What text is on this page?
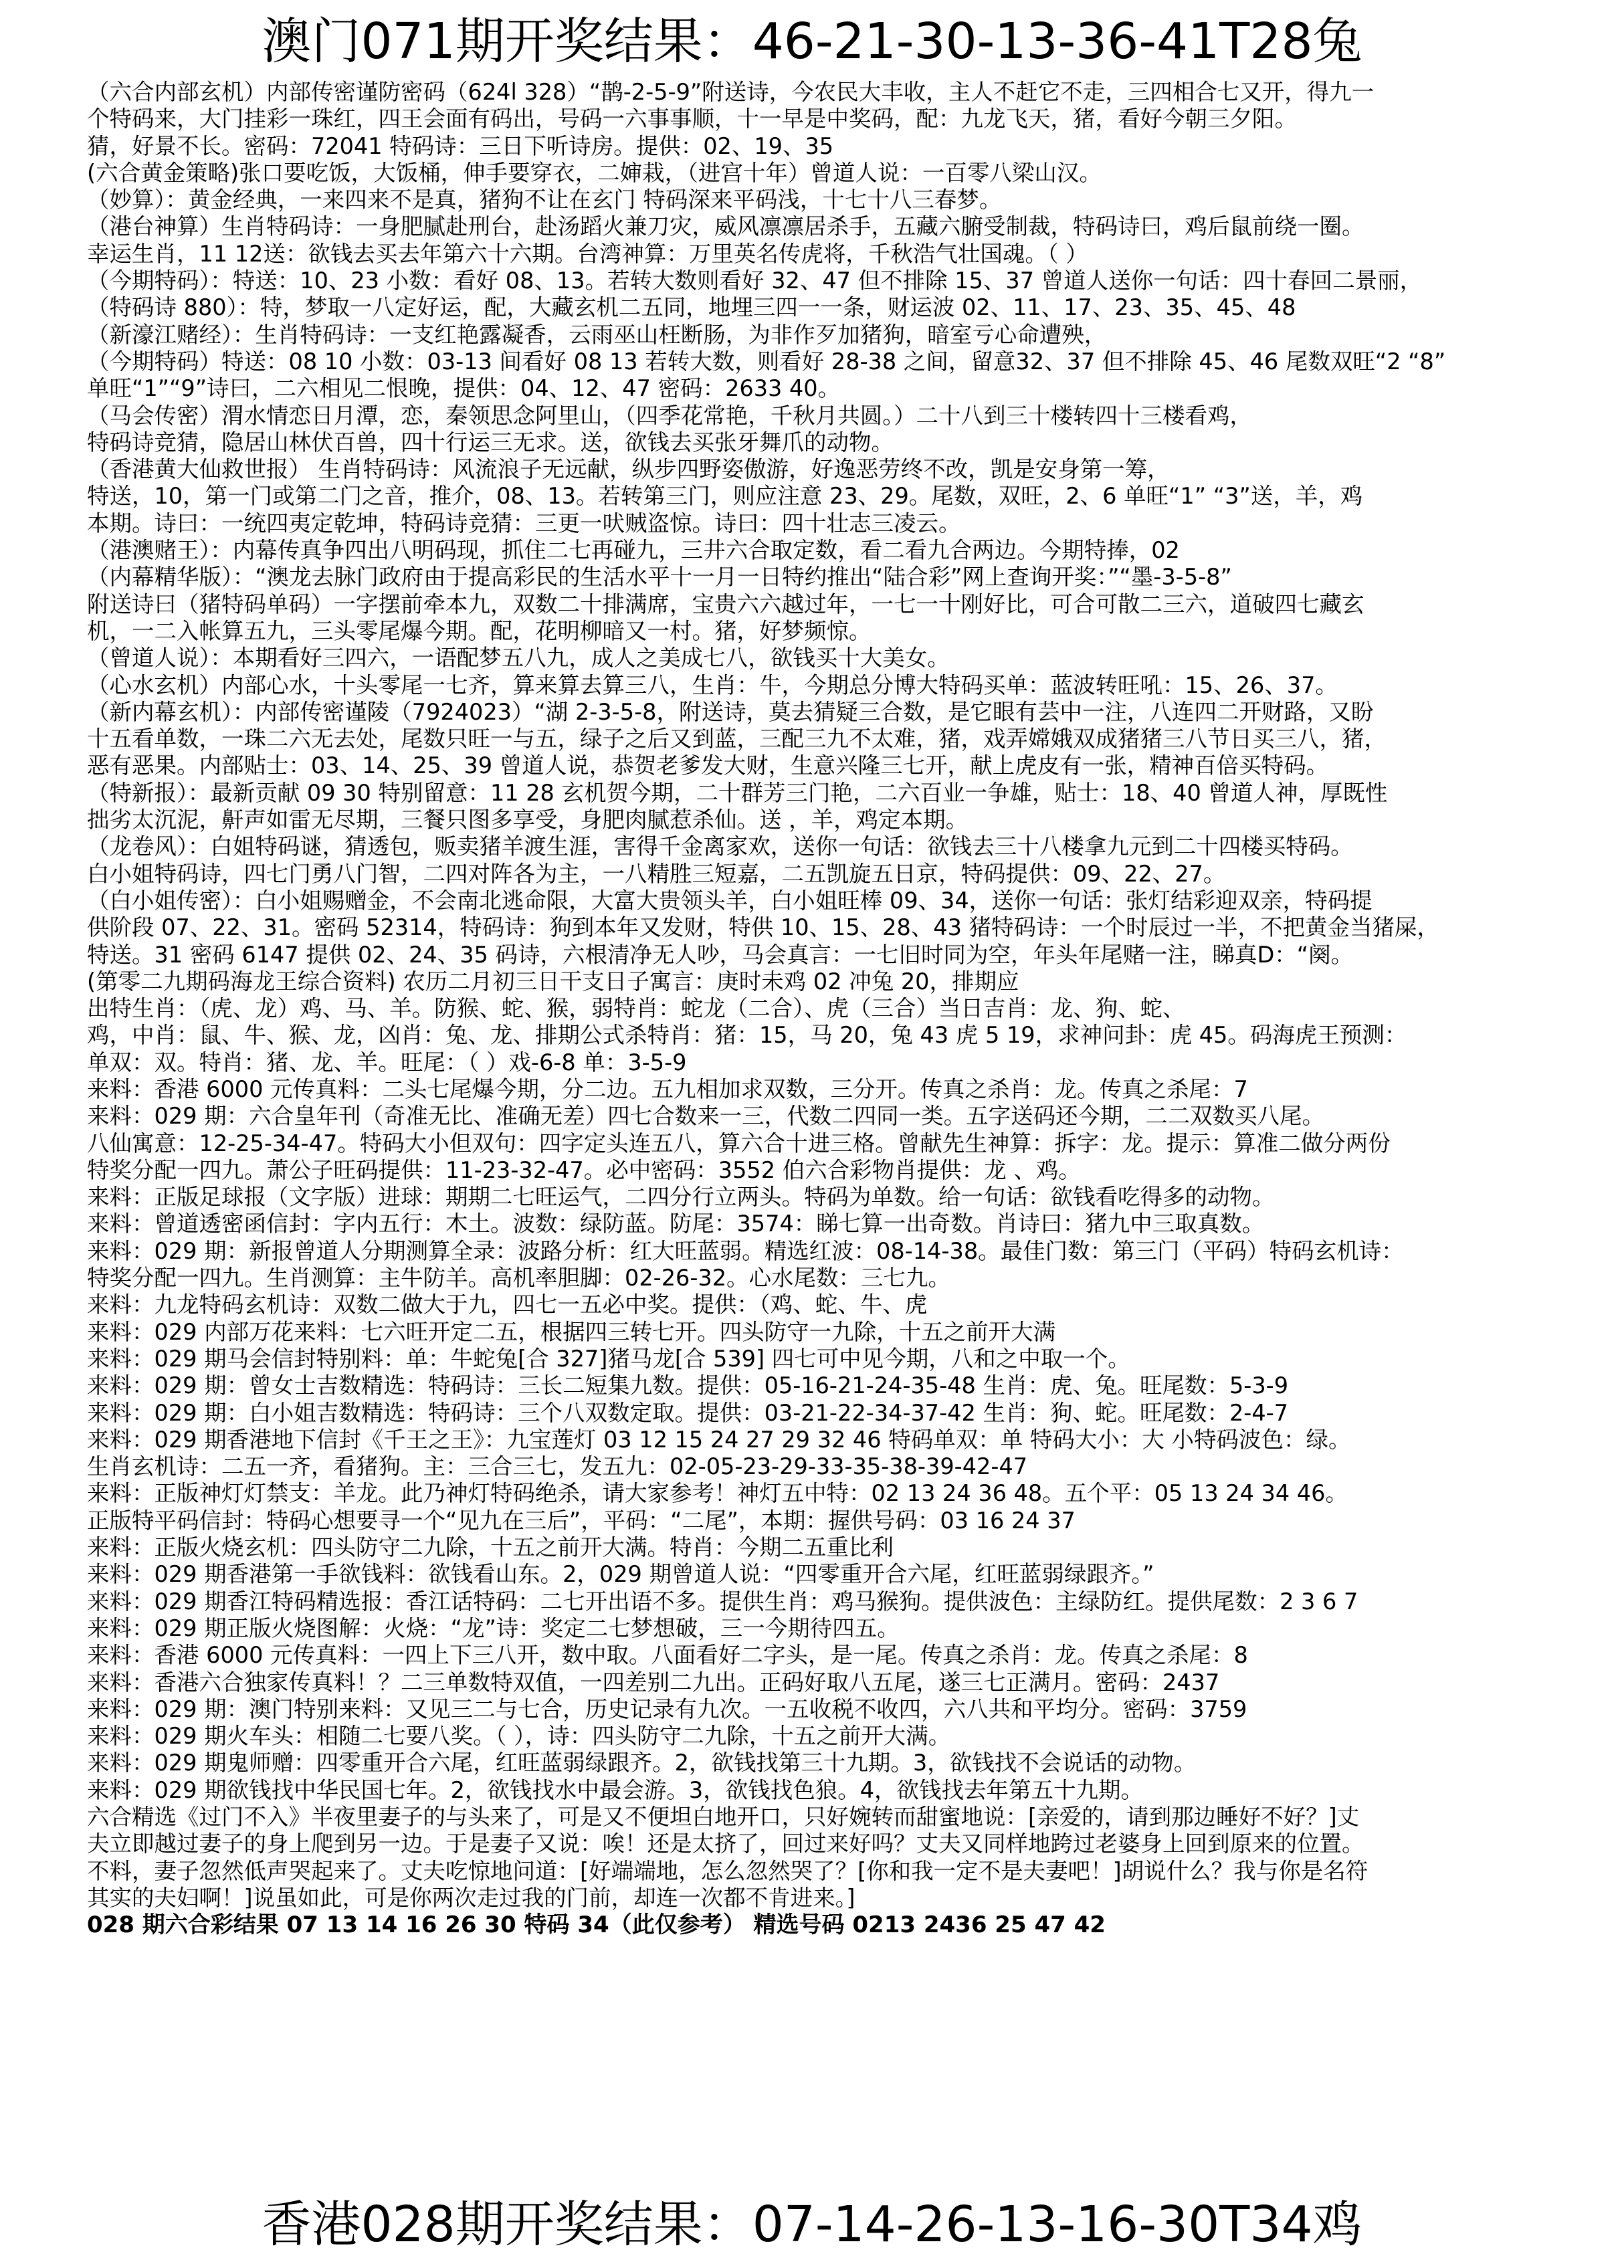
澳门071期开奖结果：46-21-30-13-36-41T28兔
（六合内部玄机）内部传密谨防密码（624l 328）“鹊-2-5-9”附送诗，今农民大丰收，主人不赶它不走，三四相合七又开，得九一
个特码来，大门挂彩一珠红，四王会面有码出，号码一六事事顺，十一早是中奖码，配：九龙飞天，猪，看好今朝三夕阳。
猜，好景不长。密码：72041 特码诗：三日下听诗房。提供：02、19、35
(六合黄金策略)张口要吃饭，大饭桶，伸手要穿衣，二婶栽，（进宫十年）曾道人说：一百零八梁山汉。
（妙算）：黄金经典，一来四来不是真，猪狗不让在玄门 特码深来平码浅，十七十八三春梦。
（港台神算）生肖特码诗：一身肥腻赴刑台，赴汤蹈火兼刀灾，威风凛凛居杀手，五藏六腑受制裁，特码诗曰，鸡后鼠前绕一圈。
幸运生肖，11 12送：欲钱去买去年第六十六期。台湾神算：万里英名传虎将，千秋浩气壮国魂。（ ）
（今期特码）：特送：10、23 小数：看好 08、13。若转大数则看好 32、47 但不排除 15、37 曾道人送你一句话：四十春回二景丽，
（特码诗 880）：特，梦取一八定好运，配，大藏玄机二五同，地埋三四一一条，财运波 02、11、17、23、35、45、48
（新濠江赌经）：生肖特码诗：一支红艳露凝香，云雨巫山枉断肠，为非作歹加猪狗，暗室亏心命遭殃，
（今期特码）特送：08 10 小数：03-13 间看好 08 13 若转大数，则看好 28-38 之间，留意32、37 但不排除 45、46 尾数双旺“2 “8”
单旺“1”“9”诗曰，二六相见二恨晚，提供：04、12、47 密码：2633 40。
（马会传密）渭水情恋日月潭，恋，秦领思念阿里山，（四季花常艳，千秋月共圆。）二十八到三十楼转四十三楼看鸡，
特码诗竞猜，隐居山林伏百兽，四十行运三无求。送，欲钱去买张牙舞爪的动物。
（香港黄大仙救世报） 生肖特码诗：风流浪子无远献，纵步四野姿傲游，好逸恶劳终不改，凯是安身第一筹，
特送，10，第一门或第二门之音，推介，08、13。若转第三门，则应注意 23、29。尾数，双旺，2、6 单旺“1” “3”送，羊，鸡
本期。诗曰：一统四夷定乾坤，特码诗竞猜：三更一吠贼盗惊。诗曰：四十壮志三凌云。
（港澳赌王）：内幕传真争四出八明码现，抓住二七再碰九，三井六合取定数，看二看九合两边。今期特捧，02
（内幕精华版）：“澳龙去脉门政府由于提高彩民的生活水平十一月一日特约推出“陆合彩”网上查询开奖：”“墨-3-5-8”
附送诗曰（猪特码单码）一字摆前牵本九，双数二十排满席，宝贵六六越过年，一七一十刚好比，可合可散二三六，道破四七藏玄
机，一二入帐算五九，三头零尾爆今期。配，花明柳暗又一村。猪，好梦频惊。
（曾道人说）：本期看好三四六，一语配梦五八九，成人之美成七八，欲钱买十大美女。
（心水玄机）内部心水，十头零尾一七齐，算来算去算三八，生肖：牛，今期总分博大特码买单：蓝波转旺吼：15、26、37。
（新内幕玄机）：内部传密谨陵（7924023）“湖 2-3-5-8，附送诗，莫去猜疑三合数，是它眼有芸中一注，八连四二开财路，又盼
十五看单数，一珠二六无去处，尾数只旺一与五，绿子之后又到蓝，三配三九不太难，猪，戏弄嫦娥双成猪猪三八节日买三八，猪，
恶有恶果。内部贴士：03、14、25、39 曾道人说，恭贺老爹发大财，生意兴隆三七开，献上虎皮有一张，精神百倍买特码。
（特新报）：最新贡献 09 30 特别留意：11 28 玄机贺今期，二十群芳三门艳，二六百业一争雄，贴士：18、40 曾道人神，厚既性
拙劣太沉泥，鼾声如雷无尽期，三餐只图多享受，身肥肉腻惹杀仙。送 ，羊，鸡定本期。
（龙卷风）：白姐特码谜，猜透包，贩卖猪羊渡生涯，害得千金离家欢，送你一句话：欲钱去三十八楼拿九元到二十四楼买特码。
白小姐特码诗，四七门勇八门智，二四对阵各为主，一八精胜三短嘉，二五凯旋五日京，特码提供：09、22、27。
（白小姐传密）：白小姐赐赠金，不会南北逃命限，大富大贵领头羊，白小姐旺棒 09、34，送你一句话：张灯结彩迎双亲，特码提
供阶段 07、22、31。密码 52314，特码诗：狗到本年又发财，特供 10、15、28、43 猪特码诗：一个时辰过一半，不把黄金当猪屎，
特送。31 密码 6147 提供 02、24、35 码诗，六根清净无人吵，马会真言：一七旧时同为空，年头年尾赌一注，睇真D：“阕。
(第零二九期码海龙王综合资料) 农历二月初三日干支日子寓言：庚时未鸡 02 冲兔 20，排期应
出特生肖：（虎、龙）鸡、马、羊。防猴、蛇、猴，弱特肖：蛇龙（二合）、虎（三合）当日吉肖：龙、狗、蛇、
鸡，中肖：鼠、牛、猴、龙，凶肖：兔、龙、排期公式杀特肖：猪：15，马 20，兔 43 虎 5 19，求神问卦：虎 45。码海虎王预测：
单双：双。特肖：猪、龙、羊。旺尾：（ ）戏-6-8 单：3-5-9
来料：香港 6000 元传真料：二头七尾爆今期，分二边。五九相加求双数，三分开。传真之杀肖：龙。传真之杀尾：7
来料：029 期：六合皇年刊（奇准无比、准确无差）四七合数来一三，代数二四同一类。五字送码还今期，二二双数买八尾。
八仙寓意：12-25-34-47。特码大小但双句：四字定头连五八，算六合十进三格。曾献先生神算：拆字：龙。提示：算准二做分两份
特奖分配一四九。萧公子旺码提供：11-23-32-47。必中密码：3552 伯六合彩物肖提供：龙 、鸡。
来料：正版足球报（文字版）进球：期期二七旺运气，二四分行立两头。特码为单数。给一句话：欲钱看吃得多的动物。
来料：曾道透密函信封：字内五行：木土。波数：绿防蓝。防尾：3574：睇七算一出奇数。肖诗曰：猪九中三取真数。
来料：029 期：新报曾道人分期测算全录：波路分析：红大旺蓝弱。精选红波：08-14-38。最佳门数：第三门（平码）特码玄机诗：
特奖分配一四九。生肖测算：主牛防羊。高机率胆脚：02-26-32。心水尾数：三七九。
来料：九龙特码玄机诗：双数二做大于九，四七一五必中奖。提供：（鸡、蛇、牛、虎
来料：029 内部万花来料：七六旺开定二五，根据四三转七开。四头防守一九除，十五之前开大满
来料：029 期马会信封特别料：单：牛蛇兔[合 327]猪马龙[合 539] 四七可中见今期，八和之中取一个。
来料：029 期：曾女士吉数精选：特码诗：三长二短集九数。提供：05-16-21-24-35-48 生肖：虎、兔。旺尾数：5-3-9
来料：029 期：白小姐吉数精选：特码诗：三个八双数定取。提供：03-21-22-34-37-42 生肖：狗、蛇。旺尾数：2-4-7
来料：029 期香港地下信封《千王之王》：九宝莲灯 03 12 15 24 27 29 32 46 特码单双：单 特码大小：大 小特码波色：绿。
生肖玄机诗：二五一齐，看猪狗。主：三合三七，发五九：02-05-23-29-33-35-38-39-42-47
来料：正版神灯灯禁支：羊龙。此乃神灯特码绝杀，请大家参考！神灯五中特：02 13 24 36 48。五个平：05 13 24 34 46。
正版特平码信封：特码心想要寻一个“见九在三后”，平码：“二尾”，本期：握供号码：03 16 24 37
来料：正版火烧玄机：四头防守二九除，十五之前开大满。特肖：今期二五重比利
来料：029 期香港第一手欲钱料：欲钱看山东。2，029 期曾道人说：“四零重开合六尾，红旺蓝弱绿跟齐。”
来料：029 期香江特码精选报：香江话特码：二七开出语不多。提供生肖：鸡马猴狗。提供波色：主绿防红。提供尾数：2 3 6 7
来料：029 期正版火烧图解：火烧：“龙”诗：奖定二七梦想破，三一今期待四五。
来料：香港 6000 元传真料：一四上下三八开，数中取。八面看好二字头，是一尾。传真之杀肖：龙。传真之杀尾：8
来料：香港六合独家传真料！？二三单数特双值，一四差别二九出。正码好取八五尾，遂三七正满月。密码：2437
来料：029 期：澳门特别来料：又见三二与七合，历史记录有九次。一五收税不收四，六八共和平均分。密码：3759
来料：029 期火车头：相随二七要八奖。（ ），诗：四头防守二九除，十五之前开大满。
来料：029 期鬼师赠：四零重开合六尾，红旺蓝弱绿跟齐。2，欲钱找第三十九期。3，欲钱找不会说话的动物。
来料：029 期欲钱找中华民国七年。2，欲钱找水中最会游。3，欲钱找色狼。4，欲钱找去年第五十九期。
六合精选《过门不入》半夜里妻子的与头来了，可是又不便坦白地开口，只好婉转而甜蜜地说：[亲爱的，请到那边睡好不好？]丈
夫立即越过妻子的身上爬到另一边。于是妻子又说：唉！还是太挤了，回过来好吗？丈夫又同样地跨过老婆身上回到原来的位置。
不料，妻子忽然低声哭起来了。丈夫吃惊地问道：[好端端地，怎么忽然哭了？[你和我一定不是夫妻吧！]胡说什么？我与你是名符
其实的夫妇啊！]说虽如此，可是你两次走过我的门前，却连一次都不肯进来。]
028 期六合彩结果 07 13 14 16 26 30 特码 34（此仅参考） 精选号码 0213 2436 25 47 42
香港028期开奖结果：07-14-26-13-16-30T34鸡
